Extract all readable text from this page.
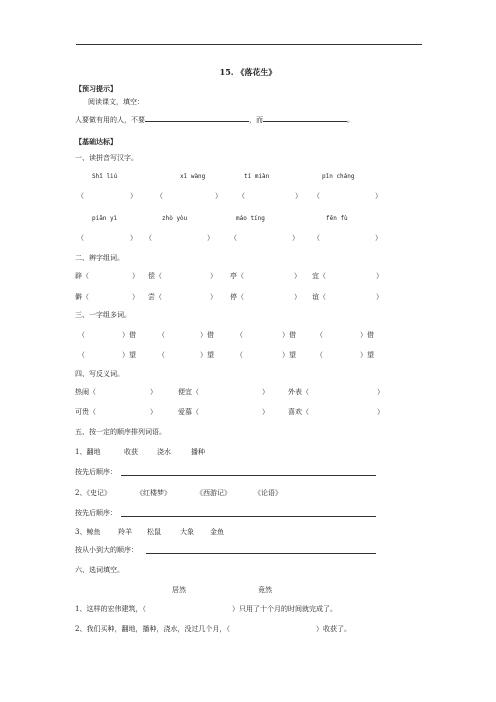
15. 《落花生》
【预习提示】
阅读课文，填空：
人要做有用的人，不要	，而	。
【基础达标】
一、读拼音写汉字。
Shǐ liú	xī wàng	tí miàn	pǐn cháng
（	）	（	） （	） （	）
piān yì	zhò yòu	máo tíng	fēn fù
（	） （	） （	） （	）
二、辨字组词。
辟（	） 偿（	） 亭（	） 宜（	）
僻（	） 尝（	） 停（	） 谊（	）
三、一字组多词。
（	）借	（	）借	（	）借	（	）借
（	）望	（	）望	（	）望	（	）望
四、写反义词。
热闹（	）	便宜（	）	外表（	）
可贵（	）	爱慕（	）	喜欢（	）
五、按一定的顺序排列词语。
1、翻地	收获	浇水	播种
按先后顺序：
2、《史记》	《红楼梦》	《西游记》	《论语》
按先后顺序：
3、鲸鱼	羚羊 松鼠	大象 金鱼
按从小到大的顺序：
六、选词填空。
居然	竟然
1、这样的宏伟建筑，（	）只用了十个月的时间就完成了。
2、我们买种，翻地，播种，浇水，没过几个月，（	）收获了。
